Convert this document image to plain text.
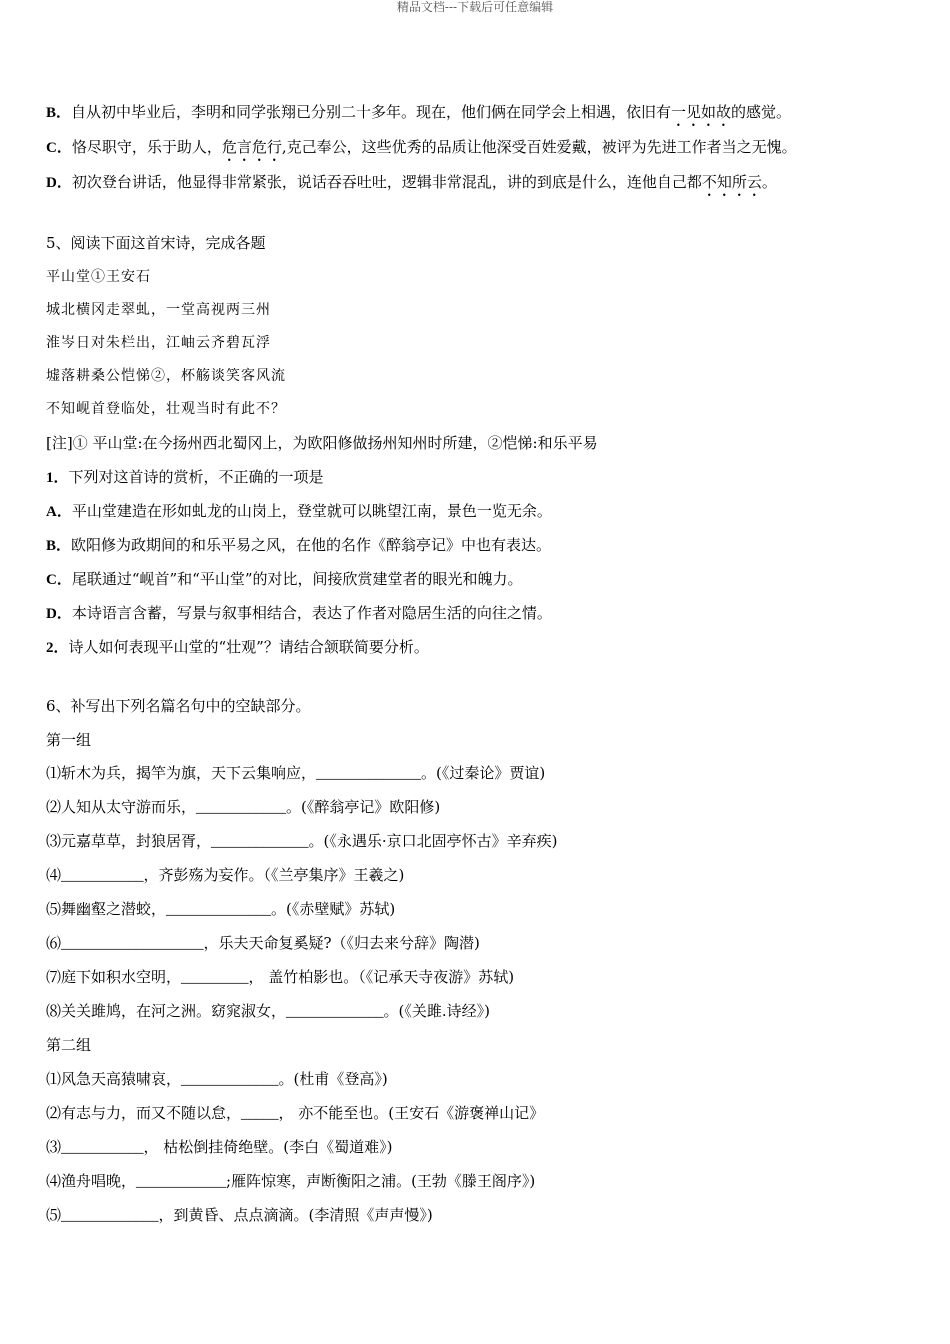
精品文档---下载后可任意编辑
B．自从初中毕业后，李明和同学张翔已分别二十多年。现在，他们俩在同学会上相遇，依旧有一见如故的感觉。
C．恪尽职守，乐于助人，危言危行,克己奉公，这些优秀的品质让他深受百姓爱戴，被评为先进工作者当之无愧。
D．初次登台讲话，他显得非常紧张，说话吞吞吐吐，逻辑非常混乱，讲的到底是什么，连他自己都不知所云。
5、阅读下面这首宋诗，完成各题
平山堂①王安石
城北横冈走翠虬，一堂高视两三州
淮岑日对朱栏出，江岫云齐碧瓦浮
墟落耕桑公恺悌②，杯觞谈笑客风流
不知岘首登临处，壮观当时有此不？
[注]① 平山堂:在今扬州西北蜀冈上，为欧阳修做扬州知州时所建，②恺悌:和乐平易
1．下列对这首诗的赏析，不正确的一项是
A．平山堂建造在形如虬龙的山岗上，登堂就可以眺望江南，景色一览无余。
B．欧阳修为政期间的和乐平易之风，在他的名作《醉翁亭记》中也有表达。
C．尾联通过“岘首”和“平山堂”的对比，间接欣赏建堂者的眼光和魄力。
D．本诗语言含蓄，写景与叙事相结合，表达了作者对隐居生活的向往之情。
2．诗人如何表现平山堂的“壮观”？请结合颔联简要分析。
6、补写出下列名篇名句中的空缺部分。
第一组
⑴斩木为兵，揭竿为旗，天下云集响应，______________。(《过秦论》贾谊)
⑵人知从太守游而乐，____________。(《醉翁亭记》欧阳修)
⑶元嘉草草，封狼居胥，_____________。(《永遇乐·京口北固亭怀古》辛弃疾)
⑷___________，齐彭殇为妄作。（《兰亭集序》王羲之)
⑸舞幽壑之潜蛟，______________。(《赤壁赋》苏轼)
⑹___________________，乐夫天命复奚疑?（《归去来兮辞》陶潜)
⑺庭下如积水空明，_________， 盖竹柏影也。（《记承天寺夜游》苏轼)
⑻关关雎鸠，在河之洲。窈窕淑女，_____________。(《关雎.诗经》)
第二组
⑴风急天高猿啸哀，_____________。(杜甫《登高》)
⑵有志与力，而又不随以怠，_____， 亦不能至也。(王安石《游褒禅山记》
⑶___________， 枯松倒挂倚绝壁。(李白《蜀道难》)
⑷渔舟唱晚，____________;雁阵惊寒，声断衡阳之浦。(王勃《滕王阁序》)
⑸_____________，到黄昏、点点滴滴。(李清照《声声慢》)
